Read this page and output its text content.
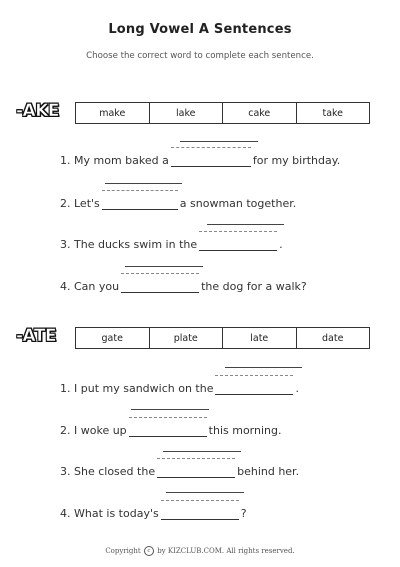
Long Vowel A Sentences
Choose the correct word to complete each sentence.
-AKE	make	lake	cake	take
1.
My mom baked a	for my birthday.
2.
Let's	a snowman together.
3.
The ducks swim in the	.
4.
Can you	the dog for a walk?
-ATE	gate	plate	late	date
1.
I put my sandwich on the	.
2.
I woke up	this morning.
3.
She closed the	behind her.
4.
What is today's	?
Copyright c by KIZCLUB.COM. All rights reserved.
